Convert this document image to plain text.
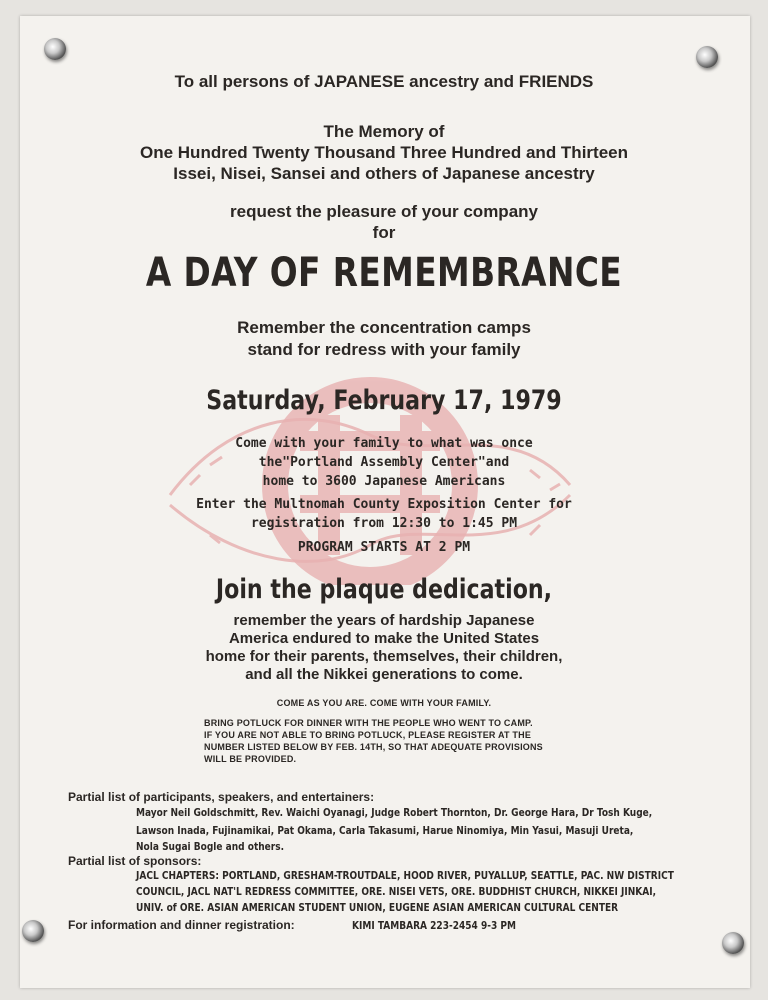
To all persons of JAPANESE ancestry and FRIENDS
The Memory of
One Hundred Twenty Thousand Three Hundred and Thirteen
Issei, Nisei, Sansei and others of Japanese ancestry
request the pleasure of your company
for
A DAY OF REMEMBRANCE
Remember the concentration camps
stand for redress with your family
Saturday, February 17, 1979
Come with your family to what was once
the"Portland Assembly Center"and
home to 3600 Japanese Americans
Enter the Multnomah County Exposition Center for
registration from 12:30 to 1:45 PM
PROGRAM STARTS AT 2 PM
Join the plaque dedication,
remember the years of hardship Japanese
America endured to make the United States
home for their parents, themselves, their children,
and all the Nikkei generations to come.
COME AS YOU ARE. COME WITH YOUR FAMILY.
BRING POTLUCK FOR DINNER WITH THE PEOPLE WHO WENT TO CAMP.
IF YOU ARE NOT ABLE TO BRING POTLUCK, PLEASE REGISTER AT THE
NUMBER LISTED BELOW BY FEB. 14TH, SO THAT ADEQUATE PROVISIONS
WILL BE PROVIDED.
Partial list of participants, speakers, and entertainers:
Mayor Neil Goldschmitt, Rev. Waichi Oyanagi, Judge Robert Thornton, Dr. George Hara, Dr Tosh Kuge,
Lawson Inada, Fujinamikai, Pat Okama, Carla Takasumi, Harue Ninomiya, Min Yasui, Masuji Ureta,
Nola Sugai Bogle and others.
Partial list of sponsors:
JACL CHAPTERS: PORTLAND, GRESHAM-TROUTDALE, HOOD RIVER, PUYALLUP, SEATTLE, PAC. NW DISTRICT
COUNCIL, JACL NAT'L REDRESS COMMITTEE, ORE. NISEI VETS, ORE. BUDDHIST CHURCH, NIKKEI JINKAI,
UNIV. of ORE. ASIAN AMERICAN STUDENT UNION, EUGENE ASIAN AMERICAN CULTURAL CENTER
For information and dinner registration:	KIMI TAMBARA 223-2454 9-3 PM
